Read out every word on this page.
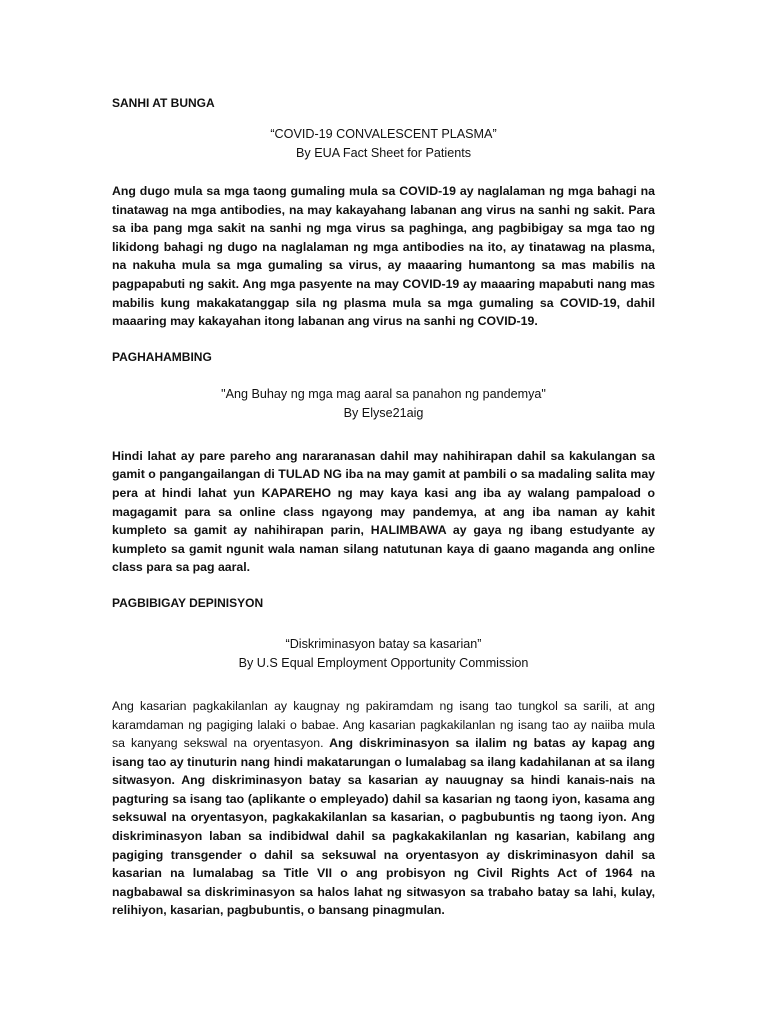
SANHI AT BUNGA

“COVID-19 CONVALESCENT PLASMA”

By EUA Fact Sheet for Patients

Ang dugo mula sa mga taong gumaling mula sa COVID-19 ay naglalaman ng mga bahagi na tinatawag na mga antibodies, na may kakayahang labanan ang virus na sanhi ng sakit. Para sa iba pang mga sakit na sanhi ng mga virus sa paghinga, ang pagbibigay sa mga tao ng likidong bahagi ng dugo na naglalaman ng mga antibodies na ito, ay tinatawag na plasma, na nakuha mula sa mga gumaling sa virus, ay maaaring humantong sa mas mabilis na pagpapabuti ng sakit. Ang mga pasyente na may COVID-19 ay maaaring mapabuti nang mas mabilis kung makakatanggap sila ng plasma mula sa mga gumaling sa COVID-19, dahil maaaring may kakayahan itong labanan ang virus na sanhi ng COVID-19.

PAGHAHAMBING

"Ang Buhay ng mga mag aaral sa panahon ng pandemya"

By Elyse21aig

Hindi lahat ay pare pareho ang nararanasan dahil may nahihirapan dahil sa kakulangan sa gamit o pangangailangan di TULAD NG iba na may gamit at pambili o sa madaling salita may pera at hindi lahat yun KAPAREHO ng may kaya kasi ang iba ay walang pampaload o magagamit para sa online class ngayong may pandemya, at ang iba naman ay kahit kumpleto sa gamit ay nahihirapan parin, HALIMBAWA ay gaya ng ibang estudyante ay kumpleto sa gamit ngunit wala naman silang natutunan kaya di gaano maganda ang online class para sa pag aaral.

PAGBIBIGAY DEPINISYON

“Diskriminasyon batay sa kasarian”

By U.S Equal Employment Opportunity Commission

Ang kasarian pagkakilanlan ay kaugnay ng pakiramdam ng isang tao tungkol sa sarili, at ang karamdaman ng pagiging lalaki o babae. Ang kasarian pagkakilanlan ng isang tao ay naiiba mula sa kanyang sekswal na oryentasyon. Ang diskriminasyon sa ilalim ng batas ay kapag ang isang tao ay tinuturin nang hindi makatarungan o lumalabag sa ilang kadahilanan at sa ilang sitwasyon. Ang diskriminasyon batay sa kasarian ay nauugnay sa hindi kanais-nais na pagturing sa isang tao (aplikante o empleyado) dahil sa kasarian ng taong iyon, kasama ang seksuwal na oryentasyon, pagkakakilanlan sa kasarian, o pagbubuntis ng taong iyon. Ang diskriminasyon laban sa indibidwal dahil sa pagkakakilanlan ng kasarian, kabilang ang pagiging transgender o dahil sa seksuwal na oryentasyon ay diskriminasyon dahil sa kasarian na lumalabag sa Title VII o ang probisyon ng Civil Rights Act of 1964 na nagbabawal sa diskriminasyon sa halos lahat ng sitwasyon sa trabaho batay sa lahi, kulay, relihiyon, kasarian, pagbubuntis, o bansang pinagmulan.
